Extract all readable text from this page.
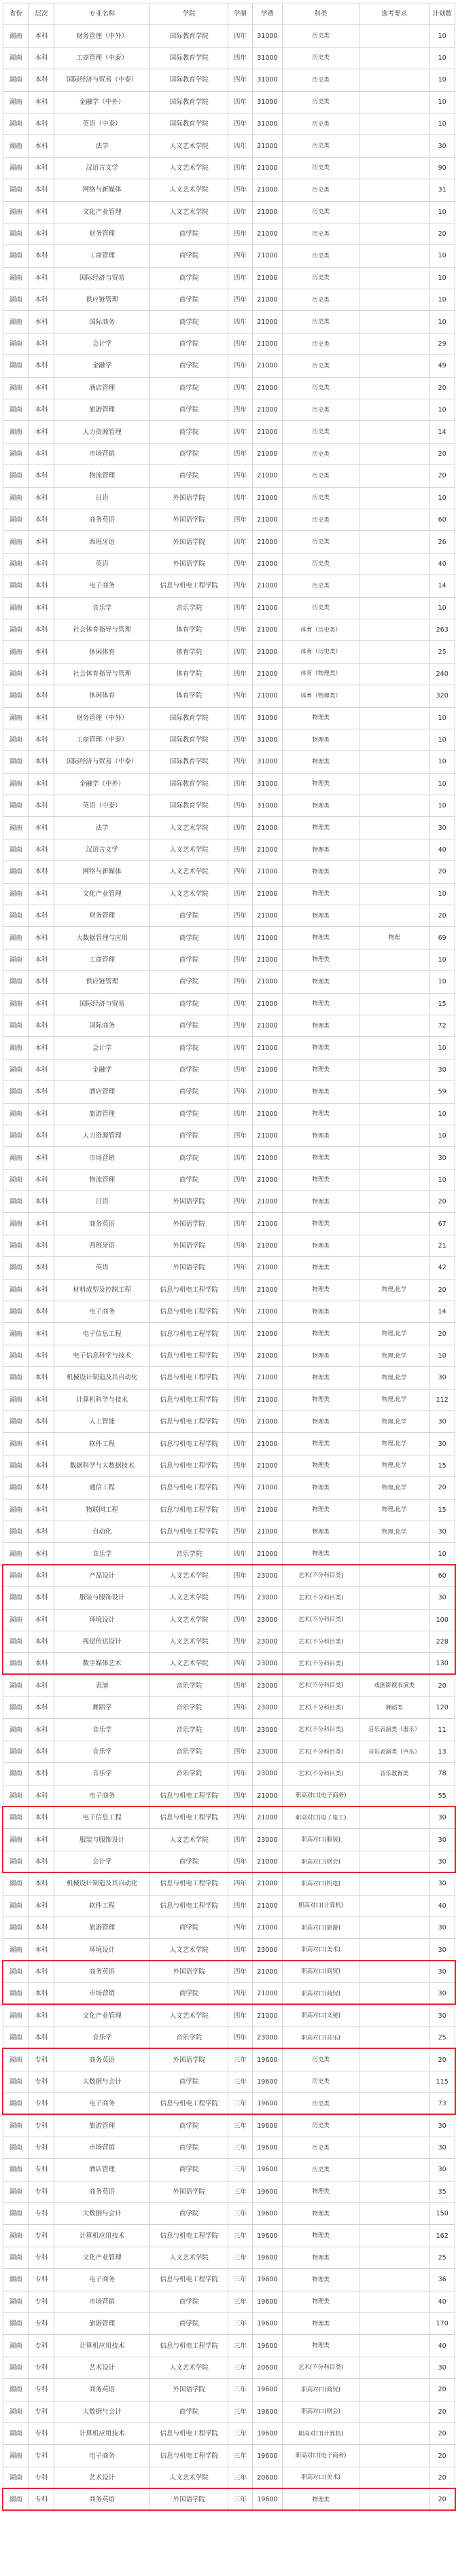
省份	层次	专业名称	学院	学制	学费	科类	选考要求	计划数
湖南	本科	财务管理（中外）	国际教育学院	四年	31000	历史类		10
湖南	本科	工商管理（中泰）	国际教育学院	四年	31000	历史类		10
湖南	本科	国际经济与贸易（中泰）	国际教育学院	四年	31000	历史类		10
湖南	本科	金融学（中外）	国际教育学院	四年	31000	历史类		10
湖南	本科	英语（中泰）	国际教育学院	四年	31000	历史类		10
湖南	本科	法学	人文艺术学院	四年	21000	历史类		30
湖南	本科	汉语言文学	人文艺术学院	四年	21000	历史类		90
湖南	本科	网络与新媒体	人文艺术学院	四年	21000	历史类		31
湖南	本科	文化产业管理	人文艺术学院	四年	21000	历史类		10
湖南	本科	财务管理	商学院	四年	21000	历史类		20
湖南	本科	工商管理	商学院	四年	21000	历史类		10
湖南	本科	国际经济与贸易	商学院	四年	21000	历史类		10
湖南	本科	供应链管理	商学院	四年	21000	历史类		10
湖南	本科	国际商务	商学院	四年	21000	历史类		10
湖南	本科	会计学	商学院	四年	21000	历史类		29
湖南	本科	金融学	商学院	四年	21000	历史类		49
湖南	本科	酒店管理	商学院	四年	21000	历史类		20
湖南	本科	旅游管理	商学院	四年	21000	历史类		10
湖南	本科	人力资源管理	商学院	四年	21000	历史类		14
湖南	本科	市场营销	商学院	四年	21000	历史类		20
湖南	本科	物流管理	商学院	四年	21000	历史类		20
湖南	本科	日语	外国语学院	四年	21000	历史类		10
湖南	本科	商务英语	外国语学院	四年	21000	历史类		60
湖南	本科	西班牙语	外国语学院	四年	21000	历史类		26
湖南	本科	英语	外国语学院	四年	21000	历史类		40
湖南	本科	电子商务	信息与机电工程学院	四年	21000	历史类		14
湖南	本科	音乐学	音乐学院	四年	21000	历史类		10
湖南	本科	社会体育指导与管理	体育学院	四年	21000	体育（历史类）		263
湖南	本科	休闲体育	体育学院	四年	21000	体育（历史类）		25
湖南	本科	社会体育指导与管理	体育学院	四年	21000	体育（物理类）		240
湖南	本科	休闲体育	体育学院	四年	21000	体育（物理类）		320
湖南	本科	财务管理（中外）	国际教育学院	四年	31000	物理类		10
湖南	本科	工商管理（中泰）	国际教育学院	四年	31000	物理类		10
湖南	本科	国际经济与贸易（中泰）	国际教育学院	四年	31000	物理类		10
湖南	本科	金融学（中外）	国际教育学院	四年	31000	物理类		10
湖南	本科	英语（中泰）	国际教育学院	四年	31000	物理类		10
湖南	本科	法学	人文艺术学院	四年	21000	物理类		30
湖南	本科	汉语言文学	人文艺术学院	四年	21000	物理类		40
湖南	本科	网络与新媒体	人文艺术学院	四年	21000	物理类		20
湖南	本科	文化产业管理	人文艺术学院	四年	21000	物理类		10
湖南	本科	财务管理	商学院	四年	21000	物理类		20
湖南	本科	大数据管理与应用	商学院	四年	21000	物理类	物理	69
湖南	本科	工商管理	商学院	四年	21000	物理类		10
湖南	本科	供应链管理	商学院	四年	21000	物理类		10
湖南	本科	国际经济与贸易	商学院	四年	21000	物理类		15
湖南	本科	国际商务	商学院	四年	21000	物理类		72
湖南	本科	会计学	商学院	四年	21000	物理类		10
湖南	本科	金融学	商学院	四年	21000	物理类		30
湖南	本科	酒店管理	商学院	四年	21000	物理类		59
湖南	本科	旅游管理	商学院	四年	21000	物理类		10
湖南	本科	人力资源管理	商学院	四年	21000	物理类		10
湖南	本科	市场营销	商学院	四年	21000	物理类		30
湖南	本科	物流管理	商学院	四年	21000	物理类		10
湖南	本科	日语	外国语学院	四年	21000	物理类		20
湖南	本科	商务英语	外国语学院	四年	21000	物理类		67
湖南	本科	西班牙语	外国语学院	四年	21000	物理类		21
湖南	本科	英语	外国语学院	四年	21000	物理类		42
湖南	本科	材料成型及控制工程	信息与机电工程学院	四年	21000	物理类	物理,化学	20
湖南	本科	电子商务	信息与机电工程学院	四年	21000	物理类		14
湖南	本科	电子信息工程	信息与机电工程学院	四年	21000	物理类	物理,化学	20
湖南	本科	电子信息科学与技术	信息与机电工程学院	四年	21000	物理类	物理,化学	10
湖南	本科	机械设计制造及其自动化	信息与机电工程学院	四年	21000	物理类	物理,化学	30
湖南	本科	计算机科学与技术	信息与机电工程学院	四年	21000	物理类	物理,化学	112
湖南	本科	人工智能	信息与机电工程学院	四年	21000	物理类	物理,化学	30
湖南	本科	软件工程	信息与机电工程学院	四年	21000	物理类	物理,化学	30
湖南	本科	数据科学与大数据技术	信息与机电工程学院	四年	21000	物理类	物理,化学	15
湖南	本科	通信工程	信息与机电工程学院	四年	21000	物理类	物理,化学	20
湖南	本科	物联网工程	信息与机电工程学院	四年	21000	物理类	物理,化学	15
湖南	本科	自动化	信息与机电工程学院	四年	21000	物理类	物理,化学	30
湖南	本科	音乐学	音乐学院	四年	21000	物理类		10
湖南	本科	产品设计	人文艺术学院	四年	23000	艺术(不分科目类)		60
湖南	本科	服装与服饰设计	人文艺术学院	四年	23000	艺术(不分科目类)		30
湖南	本科	环境设计	人文艺术学院	四年	23000	艺术(不分科目类)		100
湖南	本科	视觉传达设计	人文艺术学院	四年	23000	艺术(不分科目类)		228
湖南	本科	数字媒体艺术	人文艺术学院	四年	23000	艺术(不分科目类)		130
湖南	本科	表演	音乐学院	四年	23000	艺术(不分科目类)	戏剧影视表演类	20
湖南	本科	舞蹈学	音乐学院	四年	23000	艺术(不分科目类)	舞蹈类	120
湖南	本科	音乐学	音乐学院	四年	23000	艺术(不分科目类)	音乐表演类（器乐）	11
湖南	本科	音乐学	音乐学院	四年	23000	艺术(不分科目类)	音乐表演类（声乐）	13
湖南	本科	音乐学	音乐学院	四年	23000	艺术(不分科目类)	音乐教育类	78
湖南	本科	电子商务	信息与机电工程学院	四年	21000	职高对口(电子商务)		55
湖南	本科	电子信息工程	信息与机电工程学院	四年	21000	职高对口(电子电工)		30
湖南	本科	服装与服饰设计	人文艺术学院	四年	23000	职高对口(服装)		30
湖南	本科	会计学	商学院	四年	21000	职高对口(财会)		30
湖南	本科	机械设计制造及其自动化	信息与机电工程学院	四年	21000	职高对口(机电)		30
湖南	本科	软件工程	信息与机电工程学院	四年	21000	职高对口(计算机)		40
湖南	本科	旅游管理	商学院	四年	21000	职高对口(旅游)		30
湖南	本科	环境设计	人文艺术学院	四年	23000	职高对口(美术)		30
湖南	本科	商务英语	外国语学院	四年	21000	职高对口(商贸)		30
湖南	本科	市场营销	商学院	四年	21000	职高对口(商贸)		30
湖南	本科	文化产业管理	人文艺术学院	四年	21000	职高对口(文秘)		30
湖南	本科	音乐学	音乐学院	四年	23000	职高对口(音乐)		25
湖南	专科	商务英语	外国语学院	三年	19600	历史类		20
湖南	专科	大数据与会计	商学院	三年	19600	历史类		115
湖南	专科	电子商务	信息与机电工程学院	三年	19600	历史类		73
湖南	专科	旅游管理	商学院	三年	19600	历史类		30
湖南	专科	市场营销	商学院	三年	19600	历史类		30
湖南	专科	酒店管理	商学院	三年	19600	历史类		30
湖南	专科	商务英语	外国语学院	三年	19600	物理类		35
湖南	专科	大数据与会计	商学院	三年	19600	物理类		150
湖南	专科	计算机应用技术	信息与机电工程学院	三年	19600	物理类		162
湖南	专科	文化产业管理	人文艺术学院	三年	19600	物理类		25
湖南	专科	电子商务	信息与机电工程学院	三年	19600	物理类		36
湖南	专科	市场营销	商学院	三年	19600	物理类		40
湖南	专科	旅游管理	商学院	三年	19600	物理类		170
湖南	专科	计算机应用技术	信息与机电工程学院	三年	19600	物理类		40
湖南	专科	艺术设计	人文艺术学院	三年	20600	艺术(不分科目类)		30
湖南	专科	商务英语	外国语学院	三年	19600	职高对口(商贸)		20
湖南	专科	大数据与会计	商学院	三年	19600	职高对口(财会)		20
湖南	专科	计算机应用技术	信息与机电工程学院	三年	19600	职高对口(计算机)		20
湖南	专科	电子商务	信息与机电工程学院	三年	19600	职高对口(电子商务)		20
湖南	专科	艺术设计	人文艺术学院	三年	20600	职高对口(美术)		20
湖南	专科	商务英语	外国语学院	三年	19600	物理类		20
